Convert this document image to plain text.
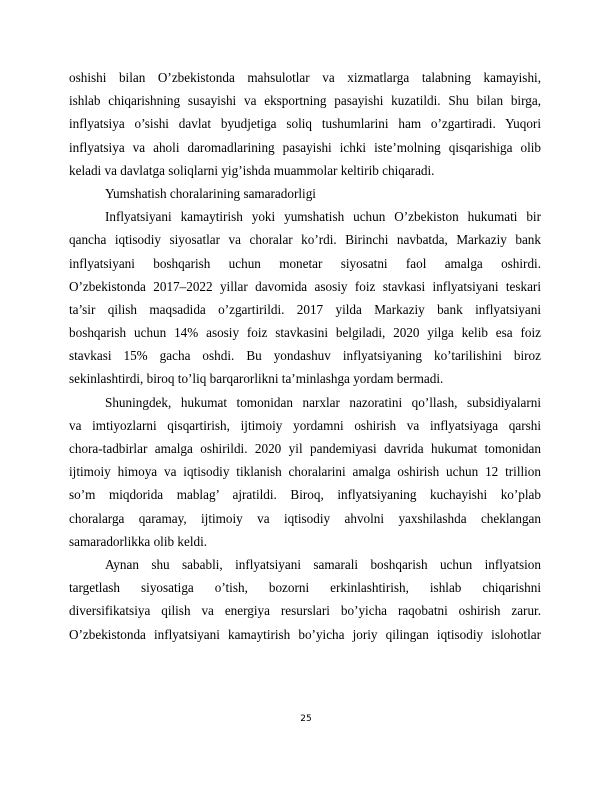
oshishi bilan O’zbekistonda mahsulotlar va xizmatlarga talabning kamayishi,
ishlab chiqarishning susayishi va eksportning pasayishi kuzatildi. Shu bilan birga,
inflyatsiya o’sishi davlat byudjetiga soliq tushumlarini ham o’zgartiradi. Yuqori
inflyatsiya va aholi daromadlarining pasayishi ichki iste’molning qisqarishiga olib
keladi va davlatga soliqlarni yig’ishda muammolar keltirib chiqaradi.
Yumshatish choralarining samaradorligi
Inflyatsiyani kamaytirish yoki yumshatish uchun O’zbekiston hukumati bir
qancha iqtisodiy siyosatlar va choralar ko’rdi. Birinchi navbatda, Markaziy bank
inflyatsiyani boshqarish uchun monetar siyosatni faol amalga oshirdi.
O’zbekistonda 2017–2022 yillar davomida asosiy foiz stavkasi inflyatsiyani teskari
ta’sir qilish maqsadida o’zgartirildi. 2017 yilda Markaziy bank inflyatsiyani
boshqarish uchun 14% asosiy foiz stavkasini belgiladi, 2020 yilga kelib esa foiz
stavkasi 15% gacha oshdi. Bu yondashuv inflyatsiyaning ko’tarilishini biroz
sekinlashtirdi, biroq to’liq barqarorlikni ta’minlashga yordam bermadi.
Shuningdek, hukumat tomonidan narxlar nazoratini qo’llash, subsidiyalarni
va imtiyozlarni qisqartirish, ijtimoiy yordamni oshirish va inflyatsiyaga qarshi
chora-tadbirlar amalga oshirildi. 2020 yil pandemiyasi davrida hukumat tomonidan
ijtimoiy himoya va iqtisodiy tiklanish choralarini amalga oshirish uchun 12 trillion
so’m miqdorida mablag’ ajratildi. Biroq, inflyatsiyaning kuchayishi ko’plab
choralarga qaramay, ijtimoiy va iqtisodiy ahvolni yaxshilashda cheklangan
samaradorlikka olib keldi.
Aynan shu sababli, inflyatsiyani samarali boshqarish uchun inflyatsion
targetlash siyosatiga o’tish, bozorni erkinlashtirish, ishlab chiqarishni
diversifikatsiya qilish va energiya resurslari bo’yicha raqobatni oshirish zarur.
O’zbekistonda inflyatsiyani kamaytirish bo’yicha joriy qilingan iqtisodiy islohotlar
25
